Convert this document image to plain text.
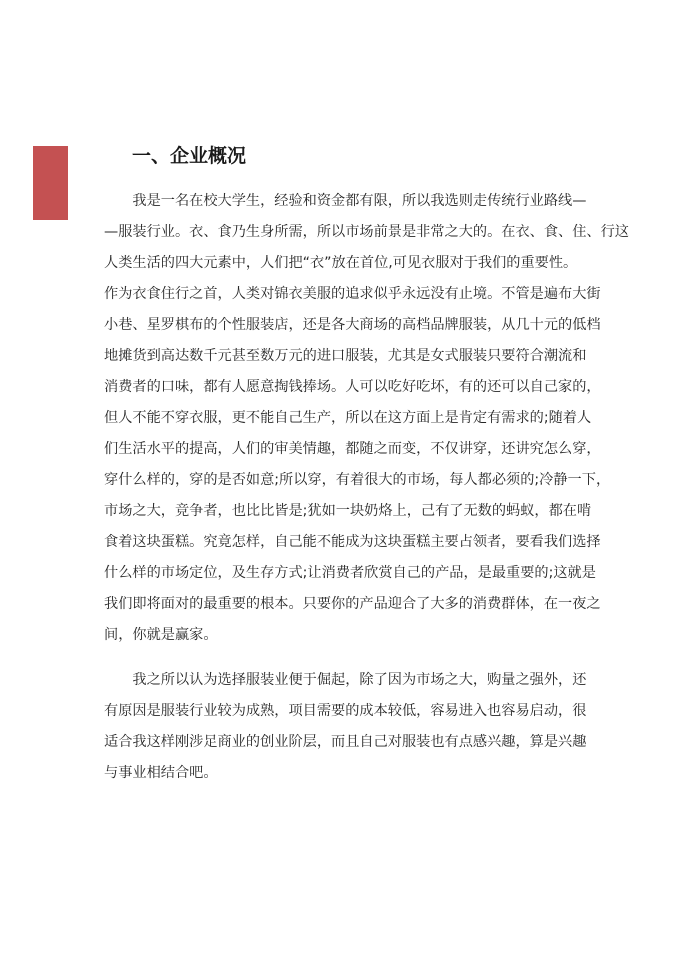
一、企业概况
　　我是一名在校大学生，经验和资金都有限，所以我选则走传统行业路线—
—服装行业。衣、食乃生身所需，所以市场前景是非常之大的。在衣、食、住、行这
人类生活的四大元素中，人们把“衣”放在首位,可见衣服对于我们的重要性。
作为衣食住行之首，人类对锦衣美服的追求似乎永远没有止境。不管是遍布大街
小巷、星罗棋布的个性服装店，还是各大商场的高档品牌服装，从几十元的低档
地摊货到高达数千元甚至数万元的进口服装，尤其是女式服装只要符合潮流和
消费者的口味，都有人愿意掏钱捧场。人可以吃好吃坏，有的还可以自己家的，
但人不能不穿衣服，更不能自己生产，所以在这方面上是肯定有需求的;随着人
们生活水平的提高，人们的审美情趣，都随之而变，不仅讲穿，还讲究怎么穿，
穿什么样的，穿的是否如意;所以穿，有着很大的市场，每人都必须的;冷静一下，
市场之大，竞争者，也比比皆是;犹如一块奶烙上，己有了无数的蚂蚁，都在啃
食着这块蛋糕。究竟怎样，自己能不能成为这块蛋糕主要占领者，要看我们选择
什么样的市场定位，及生存方式;让消费者欣赏自己的产品，是最重要的;这就是
我们即将面对的最重要的根本。只要你的产品迎合了大多的消费群体，在一夜之
间，你就是赢家。
　　我之所以认为选择服装业便于倔起，除了因为市场之大，购量之强外，还
有原因是服装行业较为成熟，项目需要的成本较低，容易进入也容易启动，很
适合我这样刚涉足商业的创业阶层，而且自己对服装也有点感兴趣，算是兴趣
与事业相结合吧。
